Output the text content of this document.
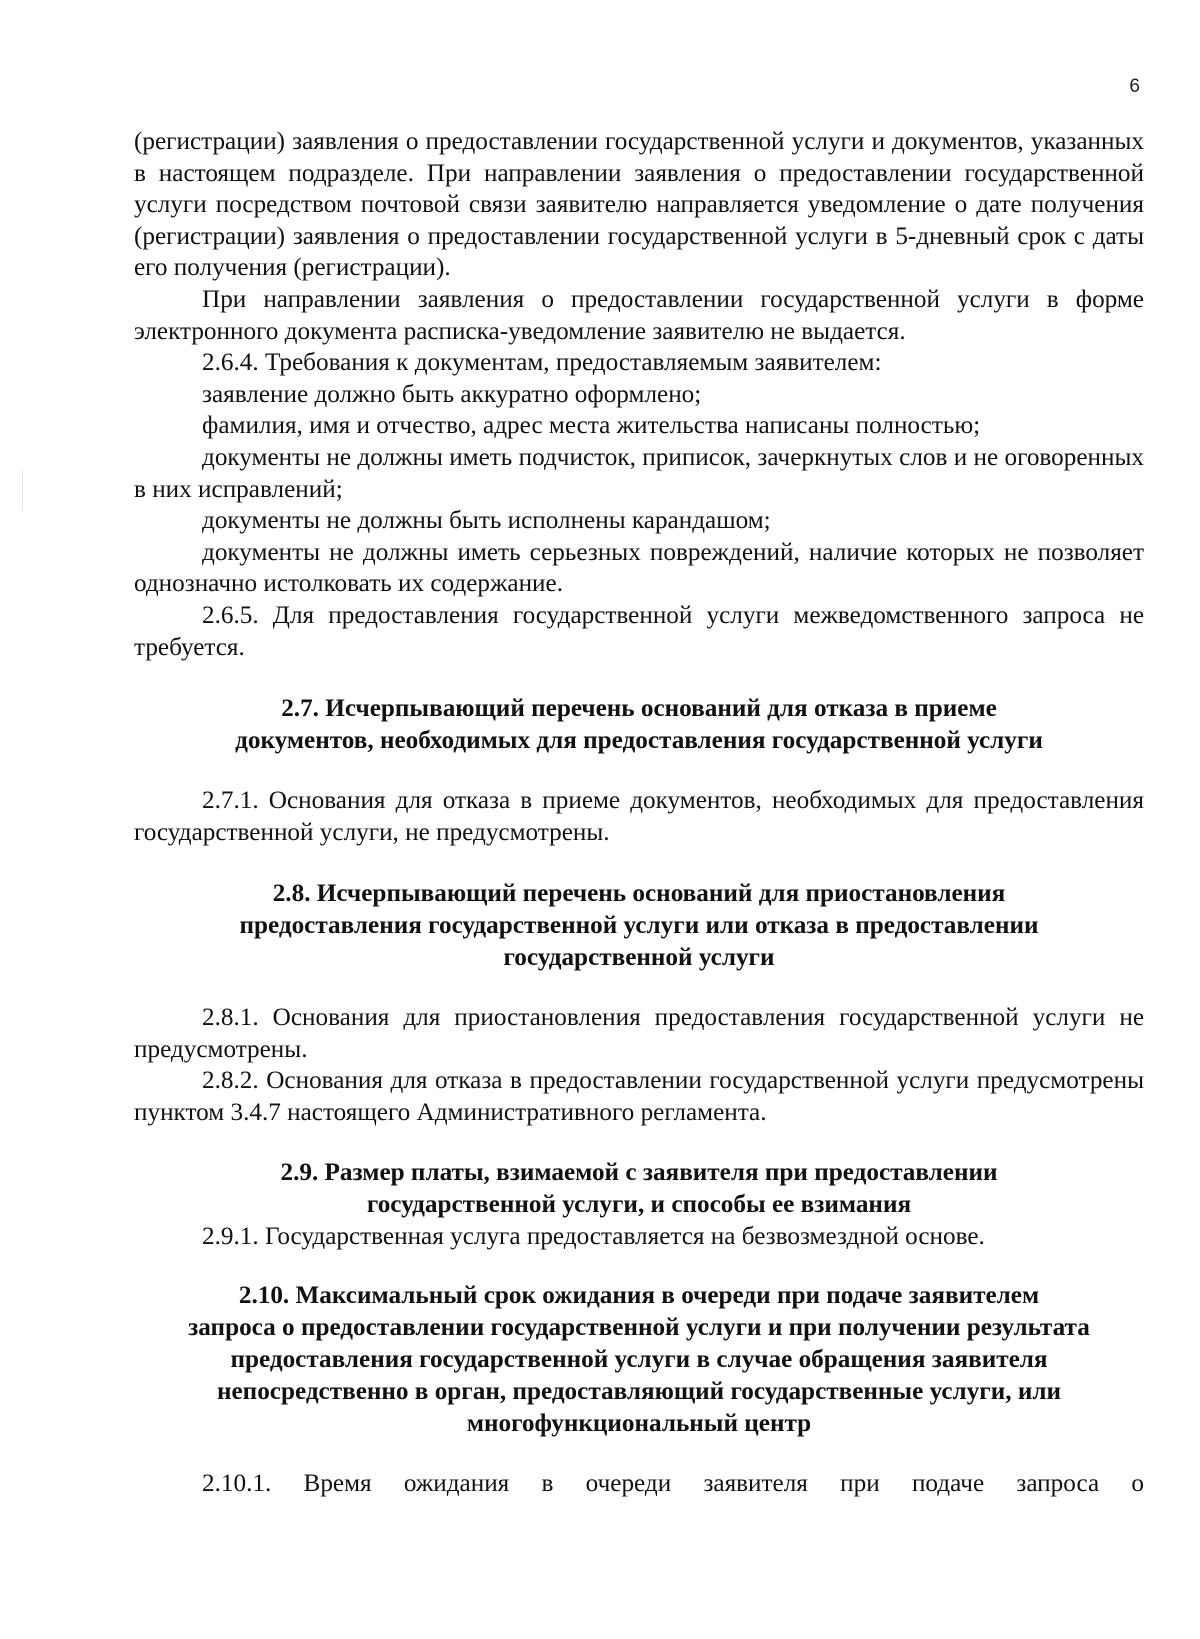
6

(регистрации) заявления о предоставлении государственной услуги и документов, указанных в настоящем подразделе. При направлении заявления о предоставлении государственной услуги посредством почтовой связи заявителю направляется уведомление о дате получения (регистрации) заявления о предоставлении государственной услуги в 5-дневный срок с даты его получения (регистрации).

При направлении заявления о предоставлении государственной услуги в форме электронного документа расписка-уведомление заявителю не выдается.

2.6.4. Требования к документам, предоставляемым заявителем:

заявление должно быть аккуратно оформлено;

фамилия, имя и отчество, адрес места жительства написаны полностью;

документы не должны иметь подчисток, приписок, зачеркнутых слов и не оговоренных в них исправлений;

документы не должны быть исполнены карандашом;

документы не должны иметь серьезных повреждений, наличие которых не позволяет однозначно истолковать их содержание.

2.6.5. Для предоставления государственной услуги межведомственного запроса не требуется.

2.7. Исчерпывающий перечень оснований для отказа в приеме
документов, необходимых для предоставления государственной услуги

2.7.1. Основания для отказа в приеме документов, необходимых для предоставления государственной услуги, не предусмотрены.

2.8. Исчерпывающий перечень оснований для приостановления
предоставления государственной услуги или отказа в предоставлении
государственной услуги

2.8.1. Основания для приостановления предоставления государственной услуги не предусмотрены.

2.8.2. Основания для отказа в предоставлении государственной услуги предусмотрены пунктом 3.4.7 настоящего Административного регламента.

2.9. Размер платы, взимаемой с заявителя при предоставлении
государственной услуги, и способы ее взимания

2.9.1. Государственная услуга предоставляется на безвозмездной основе.

2.10. Максимальный срок ожидания в очереди при подаче заявителем
запроса о предоставлении государственной услуги и при получении результата
предоставления государственной услуги в случае обращения заявителя
непосредственно в орган, предоставляющий государственные услуги, или
многофункциональный центр

2.10.1. Время ожидания в очереди заявителя при подаче запроса о
